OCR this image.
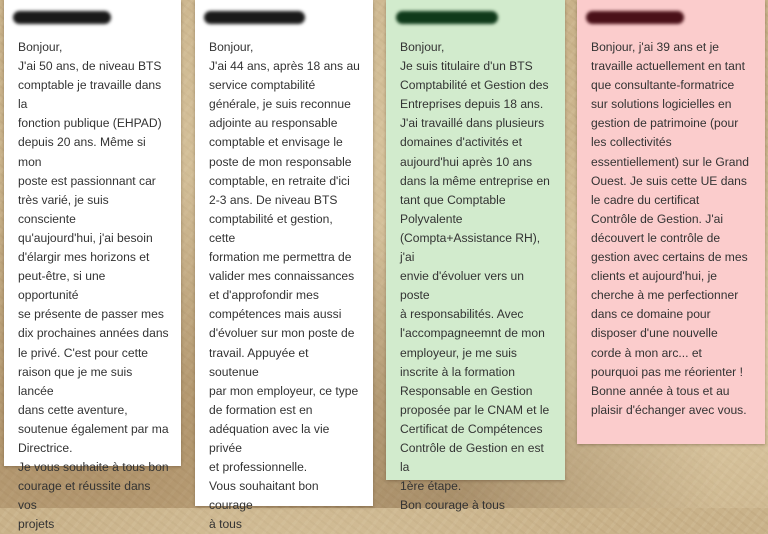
Bonjour,
J'ai 50 ans, de niveau BTS
comptable je travaille dans la
fonction publique (EHPAD)
depuis 20 ans. Même si mon
poste est passionnant car
très varié, je suis consciente
qu'aujourd'hui, j'ai besoin
d'élargir mes horizons et
peut-être, si une opportunité
se présente de passer mes
dix prochaines années dans
le privé. C'est pour cette
raison que je me suis lancée
dans cette aventure,
soutenue également par ma
Directrice.
Je vous souhaite à tous bon
courage et réussite dans vos
projets

Bonjour,
J'ai 44 ans, après 18 ans au
service comptabilité
générale, je suis reconnue
adjointe au responsable
comptable et envisage le
poste de mon responsable
comptable, en retraite d'ici
2-3 ans. De niveau BTS
comptabilité et gestion, cette
formation me permettra de
valider mes connaissances
et d'approfondir mes
compétences mais aussi
d'évoluer sur mon poste de
travail. Appuyée et soutenue
par mon employeur, ce type
de formation est en
adéquation avec la vie privée
et professionnelle.
Vous souhaitant bon courage
à tous

Bonjour,
Je suis titulaire d'un BTS
Comptabilité et Gestion des
Entreprises depuis 18 ans.
J'ai travaillé dans plusieurs
domaines d'activités et
aujourd'hui après 10 ans
dans la même entreprise en
tant que Comptable
Polyvalente
(Compta+Assistance RH), j'ai
envie d'évoluer vers un poste
à responsabilités. Avec
l'accompagneemnt de mon
employeur, je me suis
inscrite à la formation
Responsable en Gestion
proposée par le CNAM et le
Certificat de Compétences
Contrôle de Gestion en est la
1ère étape.
Bon courage à tous

Bonjour, j'ai 39 ans et je
travaille actuellement en tant
que consultante-formatrice
sur solutions logicielles en
gestion de patrimoine (pour
les collectivités
essentiellement) sur le Grand
Ouest. Je suis cette UE dans
le cadre du certificat
Contrôle de Gestion. J'ai
découvert le contrôle de
gestion avec certains de mes
clients et aujourd'hui, je
cherche à me perfectionner
dans ce domaine pour
disposer d'une nouvelle
corde à mon arc... et
pourquoi pas me réorienter !
Bonne année à tous et au
plaisir d'échanger avec vous.
